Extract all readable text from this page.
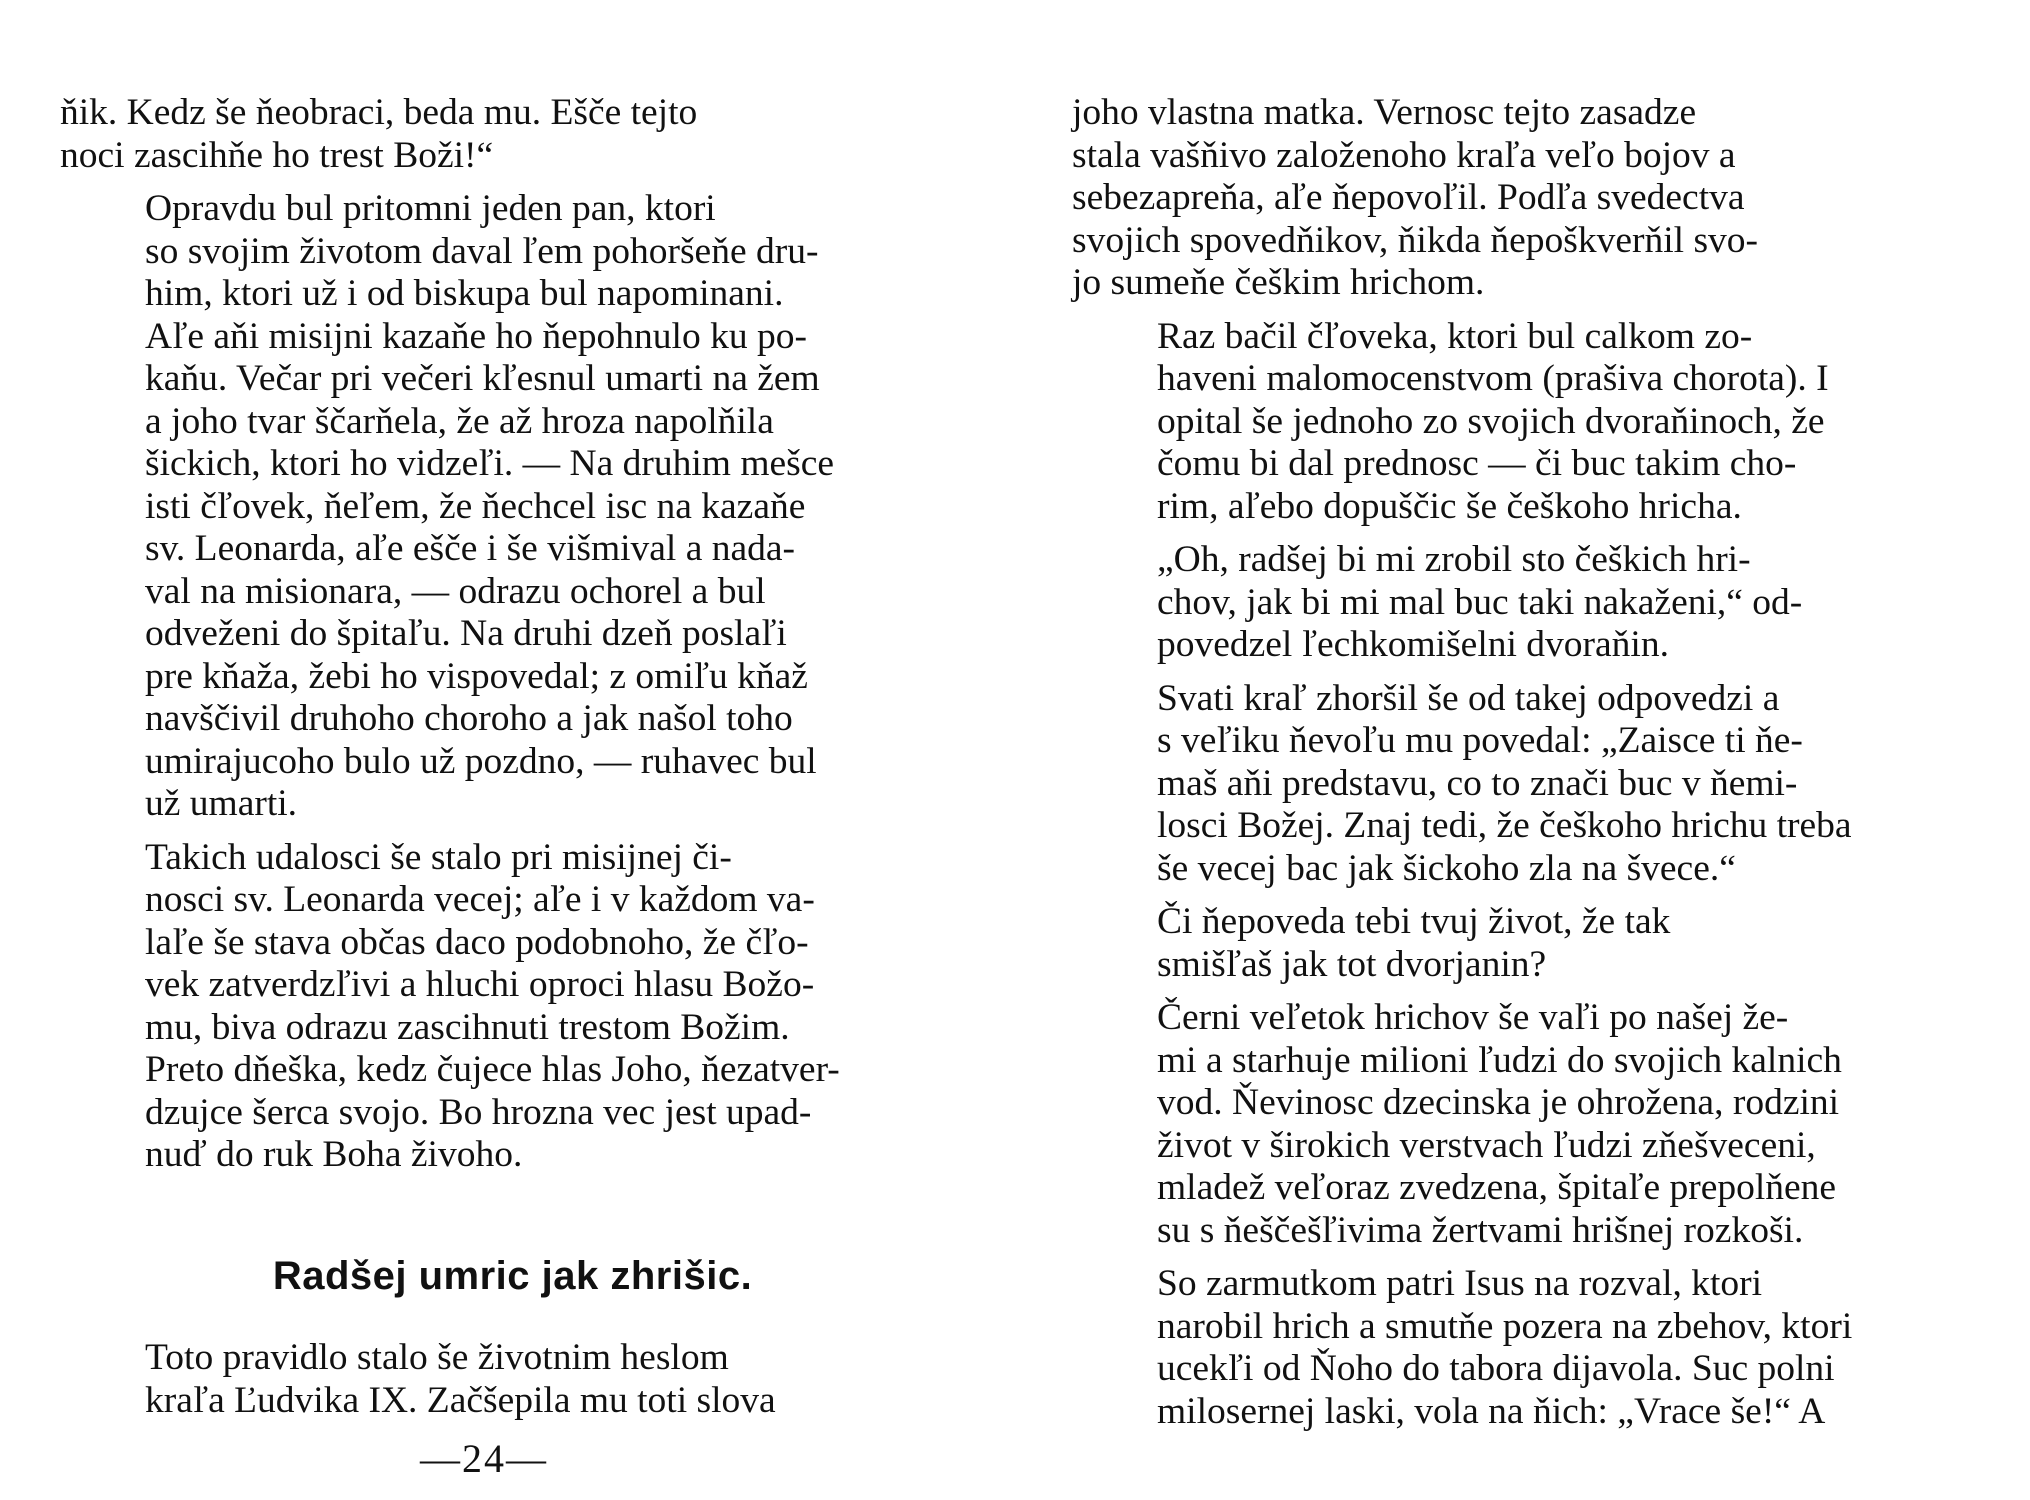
ňik. Kedz še ňeobraci, beda mu. Ešče tejto
noci zascihňe ho trest Boži!“
Opravdu bul pritomni jeden pan, ktori
so svojim životom daval ľem pohoršeňe dru-
him, ktori už i od biskupa bul napominani.
Aľe aňi misijni kazaňe ho ňepohnulo ku po-
kaňu. Večar pri večeri kľesnul umarti na žem
a joho tvar ščarňela, že až hroza napolňila
šickich, ktori ho vidzeľi. — Na druhim mešce
isti čľovek, ňeľem, že ňechcel isc na kazaňe
sv. Leonarda, aľe ešče i še višmival a nada-
val na misionara, — odrazu ochorel a bul
odveženi do špitaľu. Na druhi dzeň poslaľi
pre kňaža, žebi ho vispovedal; z omiľu kňaž
navščivil druhoho choroho a jak našol toho
umirajucoho bulo už pozdno, — ruhavec bul
už umarti.
Takich udalosci še stalo pri misijnej či-
nosci sv. Leonarda vecej; aľe i v každom va-
laľe še stava občas daco podobnoho, že čľo-
vek zatverdzľivi a hluchi oproci hlasu Božo-
mu, biva odrazu zascihnuti trestom Božim.
Preto dňeška, kedz čujece hlas Joho, ňezatver-
dzujce šerca svojo. Bo hrozna vec jest upad-
nuď do ruk Boha živoho.
Radšej umric jak zhrišic.
Toto pravidlo stalo še životnim heslom
kraľa Ľudvika IX. Začšepila mu toti slova
—24—
joho vlastna matka. Vernosc tejto zasadze
stala vašňivo založenoho kraľa veľo bojov a
sebezapreňa, aľe ňepovoľil. Podľa svedectva
svojich spovedňikov, ňikda ňepoškverňil svo-
jo sumeňe češkim hrichom.
Raz bačil čľoveka, ktori bul calkom zo-
haveni malomocenstvom (prašiva chorota). I
opital še jednoho zo svojich dvoraňinoch, že
čomu bi dal prednosc — či buc takim cho-
rim, aľebo dopuščic še češkoho hricha.
„Oh, radšej bi mi zrobil sto češkich hri-
chov, jak bi mi mal buc taki nakaženi,“ od-
povedzel ľechkomišelni dvoraňin.
Svati kraľ zhoršil še od takej odpovedzi a
s veľiku ňevoľu mu povedal: „Zaisce ti ňe-
maš aňi predstavu, co to znači buc v ňemi-
losci Božej. Znaj tedi, že češkoho hrichu treba
še vecej bac jak šickoho zla na švece.“
Či ňepoveda tebi tvuj život, že tak
smišľaš jak tot dvorjanin?
Černi veľetok hrichov še vaľi po našej že-
mi a starhuje milioni ľudzi do svojich kalnich
vod. Ňevinosc dzecinska je ohrožena, rodzini
život v širokich verstvach ľudzi zňešveceni,
mladež veľoraz zvedzena, špitaľe prepolňene
su s ňeščešľivima žertvami hrišnej rozkoši.
So zarmutkom patri Isus na rozval, ktori
narobil hrich a smutňe pozera na zbehov, ktori
ucekľi od Ňoho do tabora dijavola. Suc polni
milosernej laski, vola na ňich: „Vrace še!“ A
